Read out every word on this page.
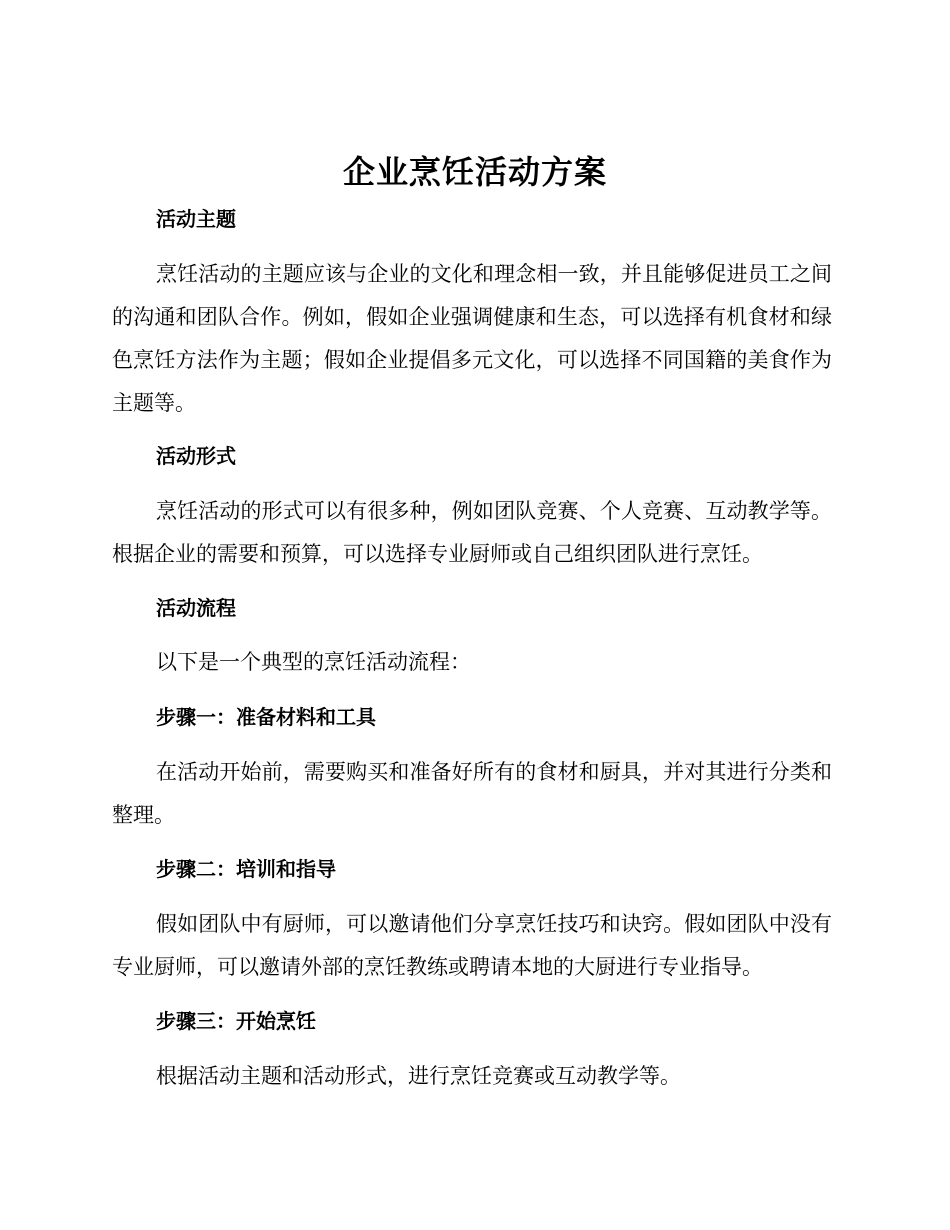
企业烹饪活动方案
活动主题
烹饪活动的主题应该与企业的文化和理念相一致，并且能够促进员工之间的沟通和团队合作。例如，假如企业强调健康和生态，可以选择有机食材和绿色烹饪方法作为主题；假如企业提倡多元文化，可以选择不同国籍的美食作为主题等。
活动形式
烹饪活动的形式可以有很多种，例如团队竞赛、个人竞赛、互动教学等。根据企业的需要和预算，可以选择专业厨师或自己组织团队进行烹饪。
活动流程
以下是一个典型的烹饪活动流程：
步骤一：准备材料和工具
在活动开始前，需要购买和准备好所有的食材和厨具，并对其进行分类和整理。
步骤二：培训和指导
假如团队中有厨师，可以邀请他们分享烹饪技巧和诀窍。假如团队中没有专业厨师，可以邀请外部的烹饪教练或聘请本地的大厨进行专业指导。
步骤三：开始烹饪
根据活动主题和活动形式，进行烹饪竞赛或互动教学等。
